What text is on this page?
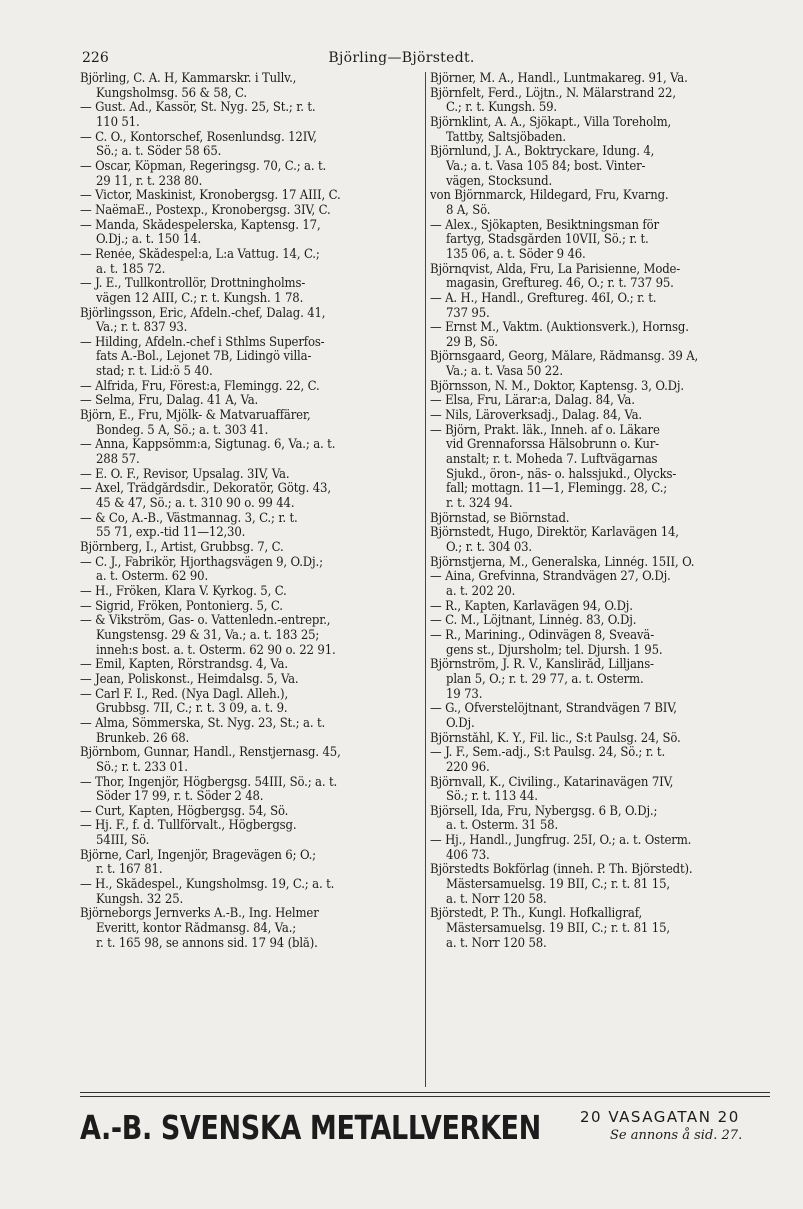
226	Björling—Björstedt.
Björling, C. A. H, Kammarskr. i Tullv.,
Kungsholmsg. 56 & 58, C.
— Gust. Ad., Kassör, St. Nyg. 25, St.; r. t.
110 51.
— C. O., Kontorschef, Rosenlundsg. 12IV,
Sö.; a. t. Söder 58 65.
— Oscar, Köpman, Regeringsg. 70, C.; a. t.
29 11, r. t. 238 80.
— Victor, Maskinist, Kronobergsg. 17 AIII, C.
— NaëmaE., Postexp., Kronobergsg. 3IV, C.
— Manda, Skådespelerska, Kaptensg. 17,
Ö.Dj.; a. t. 150 14.
— Renée, Skådespel:a, L:a Vattug. 14, C.;
a. t. 185 72.
— J. E., Tullkontrollör, Drottningholms-
vägen 12 AIII, C.; r. t. Kungsh. 1 78.
Björlingsson, Eric, Afdeln.-chef, Dalag. 41,
Va.; r. t. 837 93.
— Hilding, Afdeln.-chef i Sthlms Superfos-
fats A.-Bol., Lejonet 7B, Lidingö villa-
stad; r. t. Lid:ö 5 40.
— Alfrida, Fru, Förest:a, Flemingg. 22, C.
— Selma, Fru, Dalag. 41 A, Va.
Björn, E., Fru, Mjölk- & Matvaruaffärer,
Bondeg. 5 A, Sö.; a. t. 303 41.
— Anna, Kappsömm:a, Sigtunag. 6, Va.; a. t.
288 57.
— E. O. F., Revisor, Upsalag. 3IV, Va.
— Axel, Trädgårdsdir., Dekoratör, Götg. 43,
45 & 47, Sö.; a. t. 310 90 o. 99 44.
— & Co, A.-B., Västmannag. 3, C.; r. t.
55 71, exp.-tid 11—12,30.
Björnberg, I., Artist, Grubbsg. 7, C.
— C. J., Fabrikör, Hjorthagsvägen 9, Ö.Dj.;
a. t. Österm. 62 90.
— H., Fröken, Klara V. Kyrkog. 5, C.
— Sigrid, Fröken, Pontonierg. 5, C.
— & Vikström, Gas- o. Vattenledn.-entrepr.,
Kungstensg. 29 & 31, Va.; a. t. 183 25;
inneh:s bost. a. t. Österm. 62 90 o. 22 91.
— Emil, Kapten, Rörstrandsg. 4, Va.
— Jean, Poliskonst., Heimdalsg. 5, Va.
— Carl F. I., Red. (Nya Dagl. Alleh.),
Grubbsg. 7II, C.; r. t. 3 09, a. t. 9.
— Alma, Sömmerska, St. Nyg. 23, St.; a. t.
Brunkeb. 26 68.
Björnbom, Gunnar, Handl., Renstjernasg. 45,
Sö.; r. t. 233 01.
— Thor, Ingenjör, Högbergsg. 54III, Sö.; a. t.
Söder 17 99, r. t. Söder 2 48.
— Curt, Kapten, Högbergsg. 54, Sö.
— Hj. F., f. d. Tullförvalt., Högbergsg.
54III, Sö.
Björne, Carl, Ingenjör, Bragevägen 6; Ö.;
r. t. 167 81.
— H., Skådespel., Kungsholmsg. 19, C.; a. t.
Kungsh. 32 25.
Björneborgs Jernverks A.-B., Ing. Helmer
Everitt, kontor Rådmansg. 84, Va.;
r. t. 165 98, se annons sid. 17 94 (blå).
Björner, M. A., Handl., Luntmakareg. 91, Va.
Björnfelt, Ferd., Löjtn., N. Mälarstrand 22,
C.; r. t. Kungsh. 59.
Björnklint, A. A., Sjökapt., Villa Toreholm,
Tattby, Saltsjöbaden.
Björnlund, J. A., Boktryckare, Idung. 4,
Va.; a. t. Vasa 105 84; bost. Vinter-
vägen, Stocksund.
von Björnmarck, Hildegard, Fru, Kvarng.
8 A, Sö.
— Alex., Sjökapten, Besiktningsman för
fartyg, Stadsgården 10VII, Sö.; r. t.
135 06, a. t. Söder 9 46.
Björnqvist, Alda, Fru, La Parisienne, Mode-
magasin, Greftureg. 46, Ö.; r. t. 737 95.
— A. H., Handl., Greftureg. 46I, Ö.; r. t.
737 95.
— Ernst M., Vaktm. (Auktionsverk.), Hornsg.
29 B, Sö.
Björnsgaard, Georg, Målare, Rådmansg. 39 A,
Va.; a. t. Vasa 50 22.
Björnsson, N. M., Doktor, Kaptensg. 3, Ö.Dj.
— Elsa, Fru, Lärar:a, Dalag. 84, Va.
— Nils, Läroverksadj., Dalag. 84, Va.
— Björn, Prakt. läk., Inneh. af o. Läkare
vid Grennaforssa Hälsobrunn o. Kur-
anstalt; r. t. Moheda 7. Luftvägarnas
Sjukd., öron-, näs- o. halssjukd., Olycks-
fall; mottagn. 11—1, Flemingg. 28, C.;
r. t. 324 94.
Björnstad, se Biörnstad.
Björnstedt, Hugo, Direktör, Karlavägen 14,
Ö.; r. t. 304 03.
Björnstjerna, M., Generalska, Linnég. 15II, Ö.
— Aina, Grefvinna, Strandvägen 27, Ö.Dj.
a. t. 202 20.
— R., Kapten, Karlavägen 94, Ö.Dj.
— C. M., Löjtnant, Linnég. 83, Ö.Dj.
— R., Marining., Odinvägen 8, Sveavä-
gens st., Djursholm; tel. Djursh. 1 95.
Björnström, J. R. V., Kansliråd, Lilljans-
plan 5, Ö.; r. t. 29 77, a. t. Österm.
19 73.
— G., Öfverstelöjtnant, Strandvägen 7 BIV,
Ö.Dj.
Björnståhl, K. Y., Fil. lic., S:t Paulsg. 24, Sö.
— J. F., Sem.-adj., S:t Paulsg. 24, Sö.; r. t.
220 96.
Björnvall, K., Civiling., Katarinavägen 7IV,
Sö.; r. t. 113 44.
Björsell, Ida, Fru, Nybergsg. 6 B, Ö.Dj.;
a. t. Österm. 31 58.
— Hj., Handl., Jungfrug. 25I, Ö.; a. t. Österm.
406 73.
Björstedts Bokförlag (inneh. P. Th. Björstedt).
Mästersamuelsg. 19 BII, C.; r. t. 81 15,
a. t. Norr 120 58.
Björstedt, P. Th., Kungl. Hofkalligraf,
Mästersamuelsg. 19 BII, C.; r. t. 81 15,
a. t. Norr 120 58.
A.-B. SVENSKA METALLVERKEN	20 VASAGATAN 20
Se annons å sid. 27.
